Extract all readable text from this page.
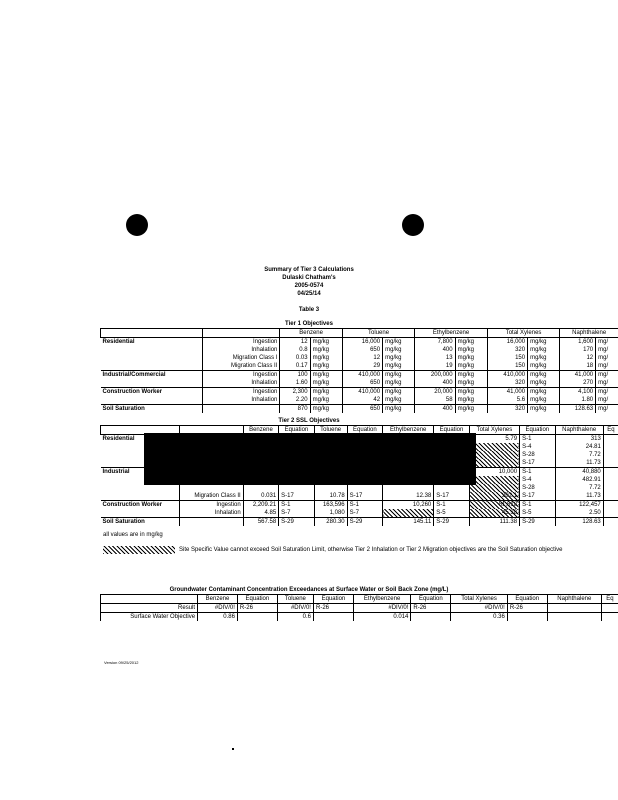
Summary of Tier 3 Calculations
Dulaski Chatham's
2005-0574
04/25/14
Table 3
Tier 1 Objectives
		Benzene		Toluene		Ethylbenzene		Total Xylenes		Naphthalene	
Residential	Ingestion	12	mg/kg	16,000	mg/kg	7,800	mg/kg	16,000	mg/kg	1,600	mg/
	Inhalation	0.8	mg/kg	650	mg/kg	400	mg/kg	320	mg/kg	170	mg/
	Migration Class I	0.03	mg/kg	12	mg/kg	13	mg/kg	150	mg/kg	12	mg/
	Migration Class II	0.17	mg/kg	29	mg/kg	19	mg/kg	150	mg/kg	18	mg/
Industrial/Commercial	Ingestion	100	mg/kg	410,000	mg/kg	200,000	mg/kg	410,000	mg/kg	41,000	mg/
	Inhalation	1.60	mg/kg	650	mg/kg	400	mg/kg	320	mg/kg	270	mg/
Construction Worker	Ingestion	2,300	mg/kg	410,000	mg/kg	20,000	mg/kg	41,000	mg/kg	4,100	mg/
	Inhalation	2.20	mg/kg	42	mg/kg	58	mg/kg	5.6	mg/kg	1.80	mg/
Soil Saturation		870	mg/kg	650	mg/kg	400	mg/kg	320	mg/kg	128.63	mg/
Tier 2 SSL Objectives
		Benzene	Equation	Toluene	Equation	Ethylbenzene	Equation	Total Xylenes	Equation	Naphthalene	Eq
Residential								5.79	S-1	313	
									S-4	24.81	
									S-28	7.72	
									S-17	11.73	
Industrial								10,000	S-1	40,880	
									S-4	482.91	
									S-28	7.72	
	Migration Class II	0.031	S-17	10.78	S-17	12.38	S-17	202.1	S-17	11.73	
Construction Worker	Ingestion	2,209.21	S-1	163,596	S-1	10,260	S-1	81,818	S-1	122,457	
	Inhalation	4.85	S-7	1,080	S-7		S-5	45.38	S-5	2.50	
Soil Saturation		567.58	S-29	280.30	S-29	145.11	S-29	111.38	S-29	128.63	
all values are in mg/kg
Site Specific Value cannot exceed Soil Saturation Limit, otherwise Tier 2 Inhalation or Tier 2 Migration objectives are the Soil Saturation objective
Groundwater Contaminant Concentration Exceedances at Surface Water or Soil Back Zone (mg/L)
	Benzene	Equation	Toluene	Equation	Ethylbenzene	Equation	Total Xylenes	Equation	Naphthalene	Eq
Result	#DIV/0!	R-26	#DIV/0!	R-26	#DIV/0!	R-26	#DIV/0!	R-26		
Surface Water Objective	0.86		0.6		0.014		0.36			
Version 09/25/2012
